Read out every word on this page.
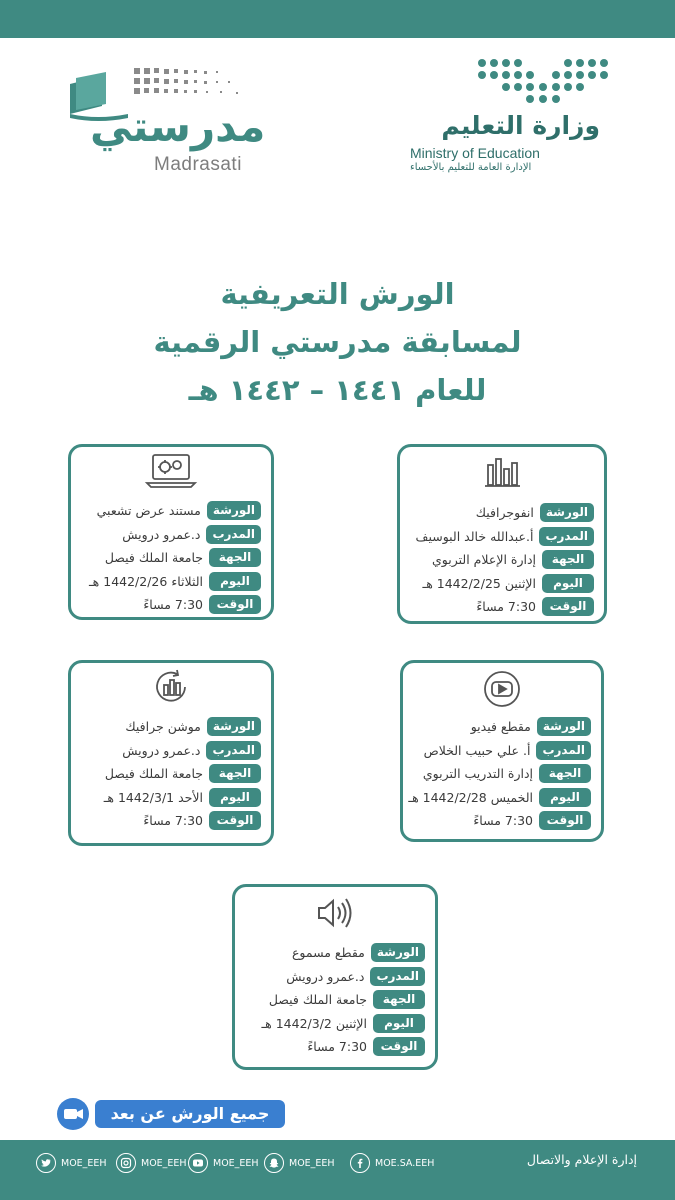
مدرستي
Madrasati
وزارة التعليم
Ministry of Education
الإدارة العامة للتعليم بالأحساء
الورش التعريفية
لمسابقة مدرستي الرقمية
للعام ١٤٤١ – ١٤٤٢ هـ
الورشة
انفوجرافيك
المدرب
أ.عبدالله خالد البوسيف
الجهة
إدارة الإعلام التربوي
اليوم
الإثنين 1442/2/25 هـ
الوقت
7:30 مساءً
الورشة
مستند عرض تشعبي
المدرب
د.عمرو درويش
الجهة
جامعة الملك فيصل
اليوم
الثلاثاء 1442/2/26 هـ
الوقت
7:30 مساءً
الورشة
مقطع فيديو
المدرب
أ. علي حبيب الخلاص
الجهة
إدارة التدريب التربوي
اليوم
الخميس 1442/2/28 هـ
الوقت
7:30 مساءً
الورشة
موشن جرافيك
المدرب
د.عمرو درويش
الجهة
جامعة الملك فيصل
اليوم
الأحد 1442/3/1 هـ
الوقت
7:30 مساءً
الورشة
مقطع مسموع
المدرب
د.عمرو درويش
الجهة
جامعة الملك فيصل
اليوم
الإثنين 1442/3/2 هـ
الوقت
7:30 مساءً
جميع الورش عن بعد
MOE_EEH	MOE_EEH	MOE_EEH	MOE_EEH	MOE.SA.EEH	إدارة الإعلام والاتصال
